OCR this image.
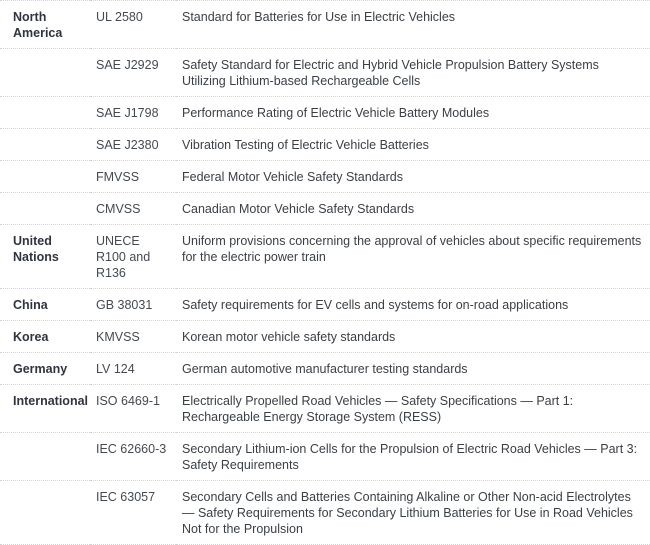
North America	UL 2580	Standard for Batteries for Use in Electric Vehicles
	SAE J2929	Safety Standard for Electric and Hybrid Vehicle Propulsion Battery Systems Utilizing Lithium-based Rechargeable Cells
	SAE J1798	Performance Rating of Electric Vehicle Battery Modules
	SAE J2380	Vibration Testing of Electric Vehicle Batteries
	FMVSS	Federal Motor Vehicle Safety Standards
	CMVSS	Canadian Motor Vehicle Safety Standards
United Nations	UNECE R100 and R136	Uniform provisions concerning the approval of vehicles about specific requirements for the electric power train
China	GB 38031	Safety requirements for EV cells and systems for on-road applications
Korea	KMVSS	Korean motor vehicle safety standards
Germany	LV 124	German automotive manufacturer testing standards
International	ISO 6469-1	Electrically Propelled Road Vehicles — Safety Specifications — Part 1: Rechargeable Energy Storage System (RESS)
	IEC 62660-3	Secondary Lithium-ion Cells for the Propulsion of Electric Road Vehicles — Part 3: Safety Requirements
	IEC 63057	Secondary Cells and Batteries Containing Alkaline or Other Non-acid Electrolytes — Safety Requirements for Secondary Lithium Batteries for Use in Road Vehicles Not for the Propulsion
